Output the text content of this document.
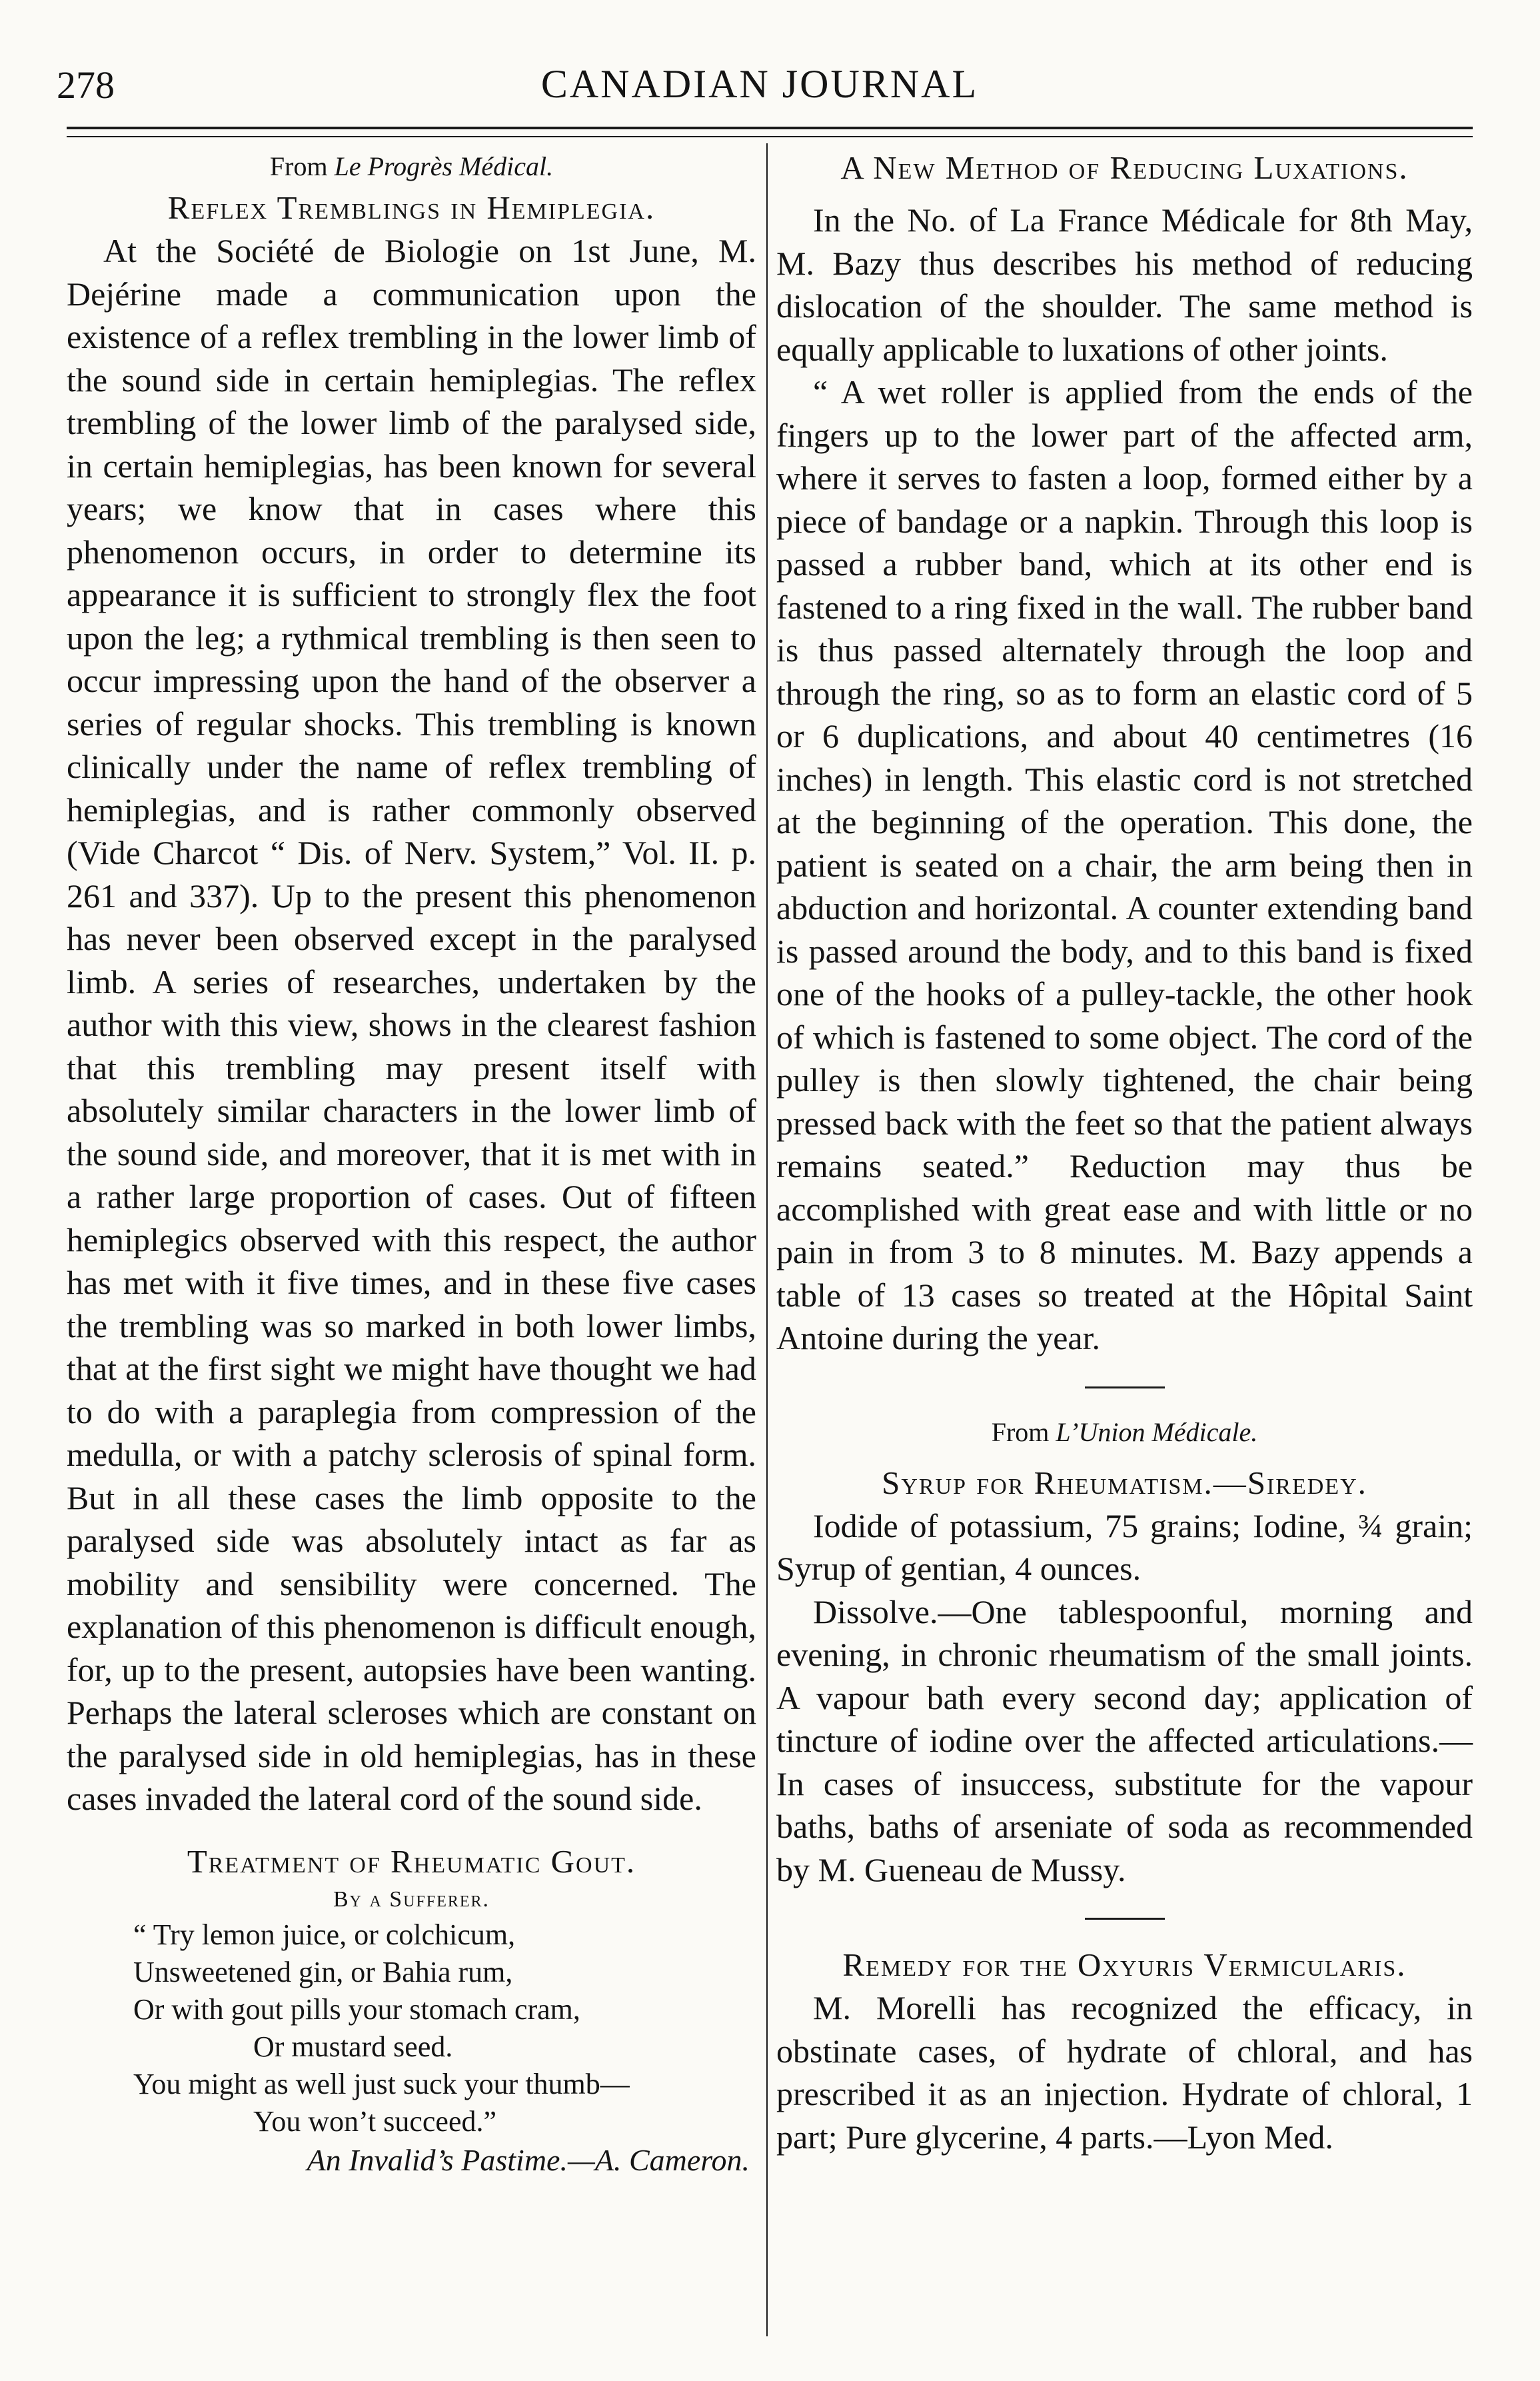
278	CANADIAN JOURNAL
From Le Progrès Médical.
Reflex Tremblings in Hemiplegia.

At the Société de Biologie on 1st June, M. Dejérine made a communication upon the existence of a reflex trembling in the lower limb of the sound side in certain hemiplegias. The reflex trembling of the lower limb of the paralysed side, in certain hemiplegias, has been known for several years; we know that in cases where this phenomenon occurs, in order to determine its appearance it is sufficient to strongly flex the foot upon the leg; a rythmical trembling is then seen to occur impressing upon the hand of the observer a series of regular shocks. This trembling is known clinically under the name of reflex trembling of hemiplegias, and is rather commonly observed (Vide Charcot “ Dis. of Nerv. System,” Vol. II. p. 261 and 337). Up to the present this phenomenon has never been observed except in the paralysed limb. A series of researches, undertaken by the author with this view, shows in the clearest fashion that this trembling may present itself with absolutely similar characters in the lower limb of the sound side, and moreover, that it is met with in a rather large proportion of cases. Out of fifteen hemiplegics observed with this respect, the author has met with it five times, and in these five cases the trembling was so marked in both lower limbs, that at the first sight we might have thought we had to do with a paraplegia from compression of the medulla, or with a patchy sclerosis of spinal form. But in all these cases the limb opposite to the paralysed side was absolutely intact as far as mobility and sensibility were concerned. The explanation of this phenomenon is difficult enough, for, up to the present, autopsies have been wanting. Perhaps the lateral scleroses which are constant on the paralysed side in old hemiplegias, has in these cases invaded the lateral cord of the sound side.

Treatment of Rheumatic Gout.
By a Sufferer.
“ Try lemon juice, or colchicum,
Unsweetened gin, or Bahia rum,
Or with gout pills your stomach cram,
Or mustard seed.
You might as well just suck your thumb—
You won’t succeed.”
An Invalid’s Pastime.—A. Cameron.
A New Method of Reducing Luxations.

In the No. of La France Médicale for 8th May, M. Bazy thus describes his method of reducing dislocation of the shoulder. The same method is equally applicable to luxations of other joints.

“ A wet roller is applied from the ends of the fingers up to the lower part of the affected arm, where it serves to fasten a loop, formed either by a piece of bandage or a napkin. Through this loop is passed a rubber band, which at its other end is fastened to a ring fixed in the wall. The rubber band is thus passed alternately through the loop and through the ring, so as to form an elastic cord of 5 or 6 duplications, and about 40 centimetres (16 inches) in length. This elastic cord is not stretched at the beginning of the operation. This done, the patient is seated on a chair, the arm being then in abduction and horizontal. A counter extending band is passed around the body, and to this band is fixed one of the hooks of a pulley-tackle, the other hook of which is fastened to some object. The cord of the pulley is then slowly tightened, the chair being pressed back with the feet so that the patient always remains seated.” Reduction may thus be accomplished with great ease and with little or no pain in from 3 to 8 minutes. M. Bazy appends a table of 13 cases so treated at the Hôpital Saint Antoine during the year.

From L’Union Médicale.
Syrup for Rheumatism.—Siredey.

Iodide of potassium, 75 grains; Iodine, ¾ grain; Syrup of gentian, 4 ounces.

Dissolve.—One tablespoonful, morning and evening, in chronic rheumatism of the small joints. A vapour bath every second day; application of tincture of iodine over the affected articulations.—In cases of insuccess, substitute for the vapour baths, baths of arseniate of soda as recommended by M. Gueneau de Mussy.

Remedy for the Oxyuris Vermicularis.

M. Morelli has recognized the efficacy, in obstinate cases, of hydrate of chloral, and has prescribed it as an injection. Hydrate of chloral, 1 part; Pure glycerine, 4 parts.—Lyon Med.
